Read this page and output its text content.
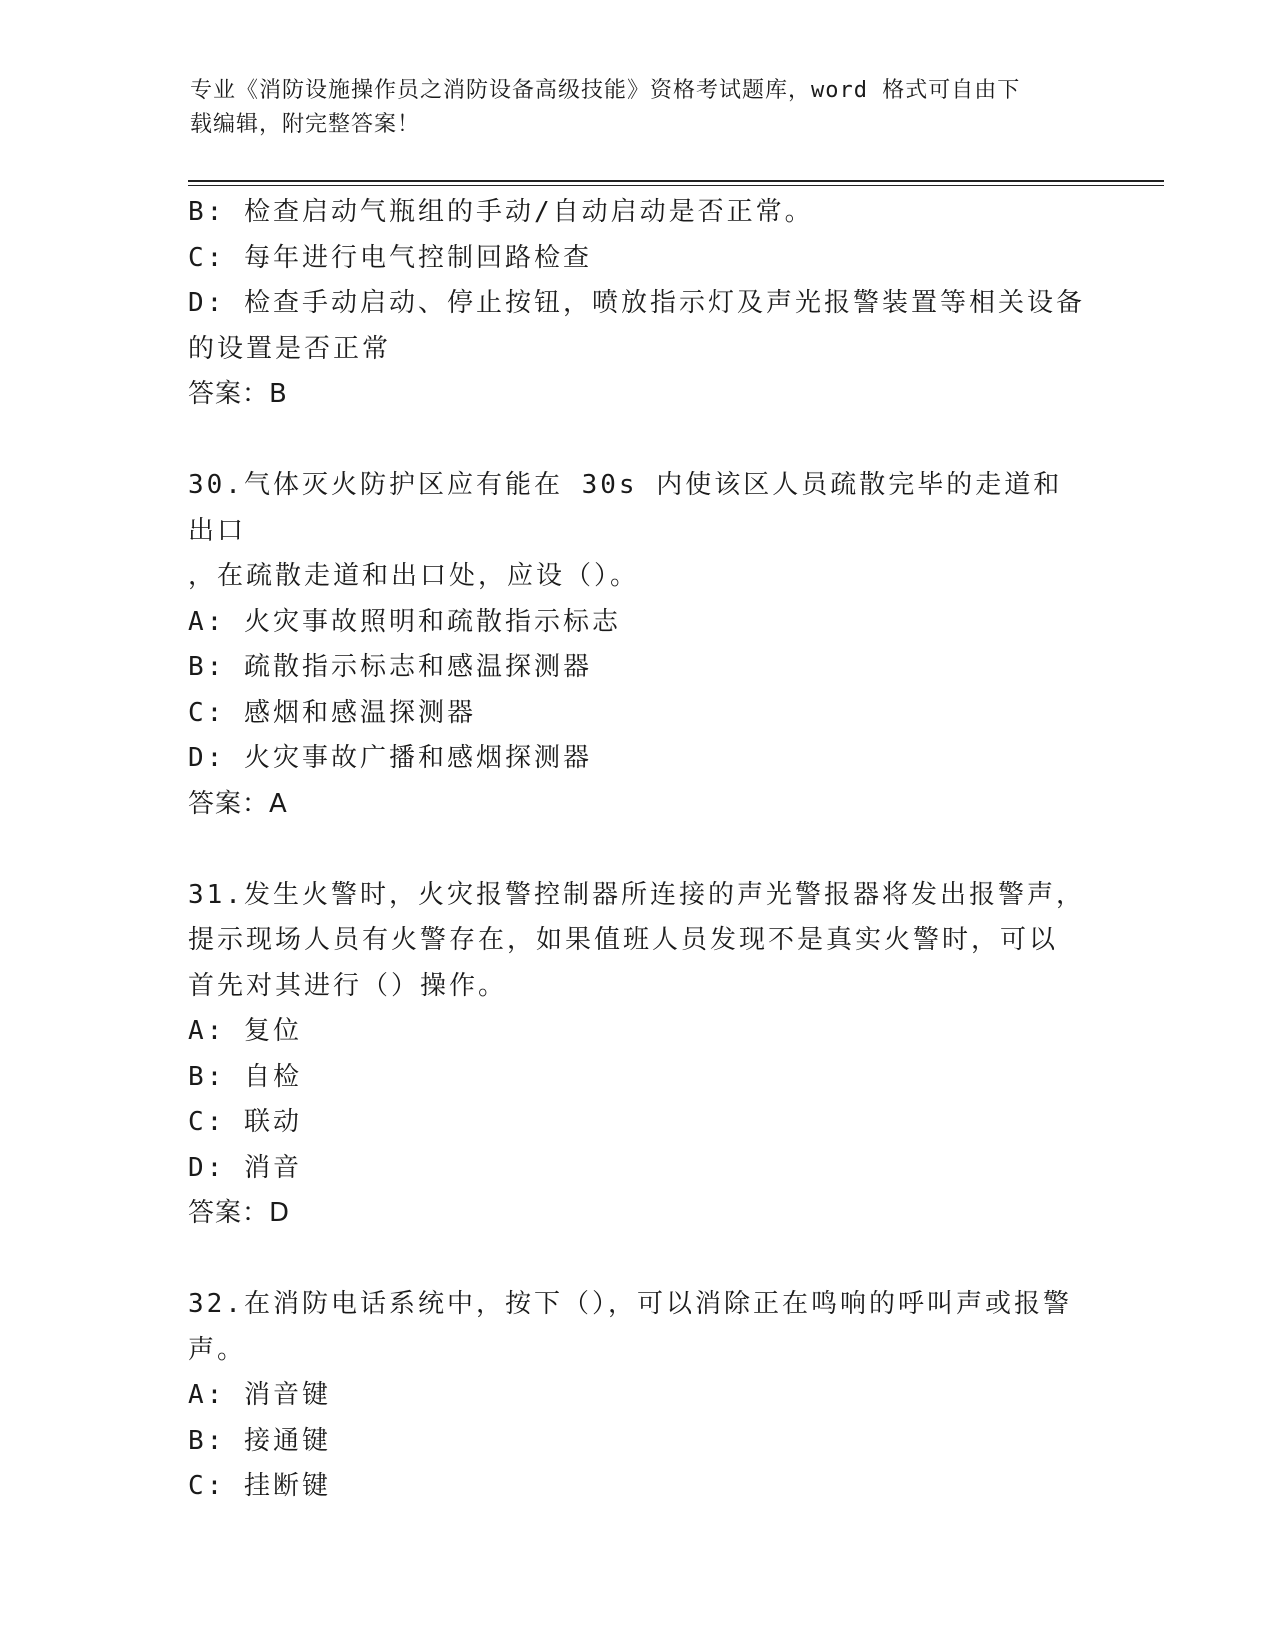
专业《消防设施操作员之消防设备高级技能》资格考试题库，word 格式可自由下
载编辑，附完整答案！
B: 检查启动气瓶组的手动/自动启动是否正常。
C: 每年进行电气控制回路检查
D: 检查手动启动、停止按钮，喷放指示灯及声光报警装置等相关设备
的设置是否正常
答案：B
30.气体灭火防护区应有能在 30s 内使该区人员疏散完毕的走道和出口
，在疏散走道和出口处，应设（）。
A: 火灾事故照明和疏散指示标志
B: 疏散指示标志和感温探测器
C: 感烟和感温探测器
D: 火灾事故广播和感烟探测器
答案：A
31.发生火警时，火灾报警控制器所连接的声光警报器将发出报警声，
提示现场人员有火警存在，如果值班人员发现不是真实火警时，可以
首先对其进行（）操作。
A: 复位
B: 自检
C: 联动
D: 消音
答案：D
32.在消防电话系统中，按下（），可以消除正在鸣响的呼叫声或报警
声。
A: 消音键
B: 接通键
C: 挂断键
